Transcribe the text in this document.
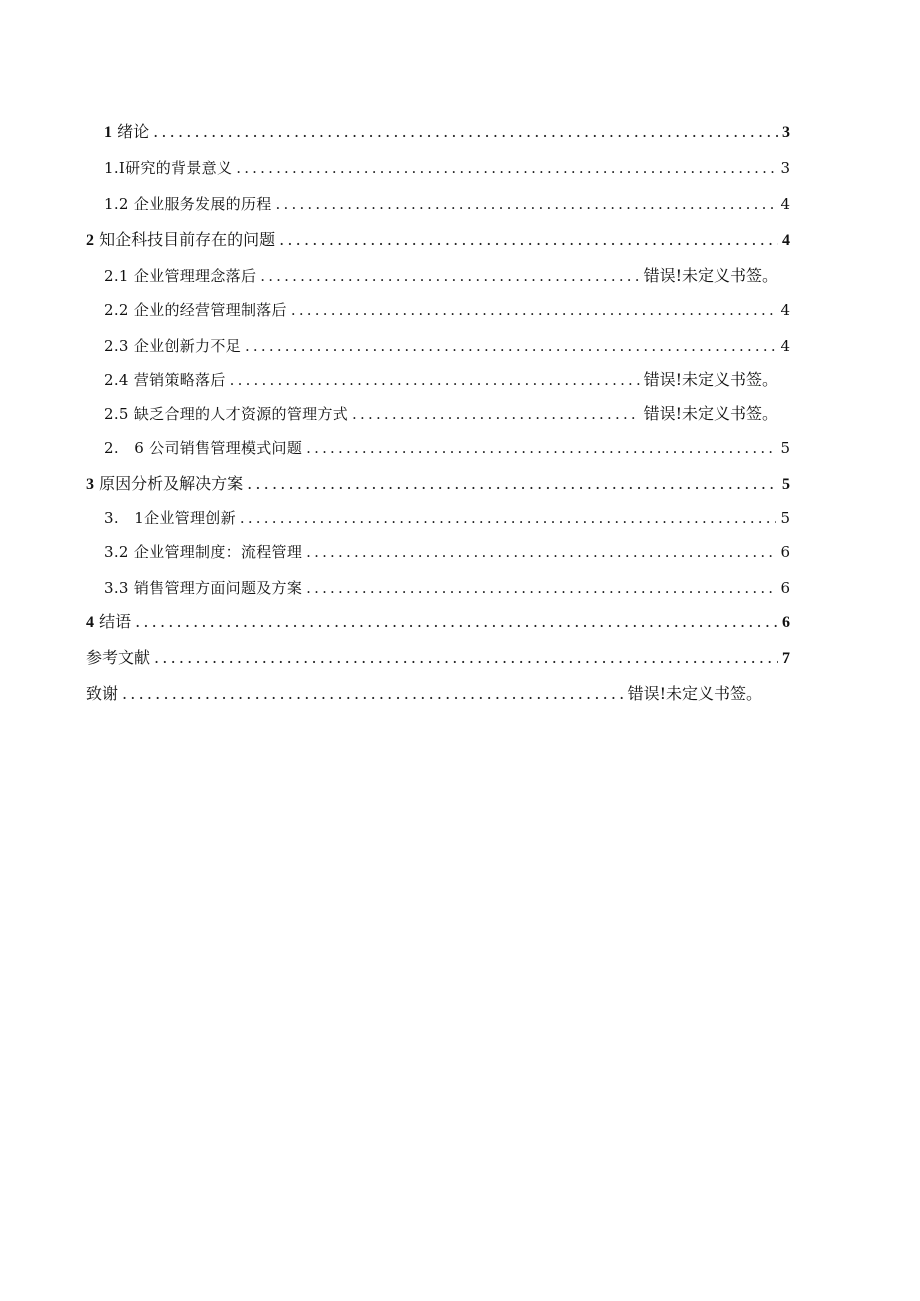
1 绪论 .....	3
1.Ⅰ研究的背景意义 .....	3
1.2 企业服务发展的历程 .....	4
2 知企科技目前存在的问题 .....	4
2.1 企业管理理念落后 .....	错误!未定义书签。
2.2 企业的经营管理制落后 .....	4
2.3 企业创新力不足 .....	4
2.4 营销策略落后 .....	错误!未定义书签。
2.5 缺乏合理的人才资源的管理方式 .....	错误!未定义书签。
2.　6 公司销售管理模式问题 .....	5
3 原因分析及解决方案 .....	5
3.　1企业管理创新 .....	5
3.2 企业管理制度：流程管理 .....	6
3.3 销售管理方面问题及方案 .....	6
4 结语 .....	6
参考文献 .....	7
致谢 .....	错误!未定义书签。
